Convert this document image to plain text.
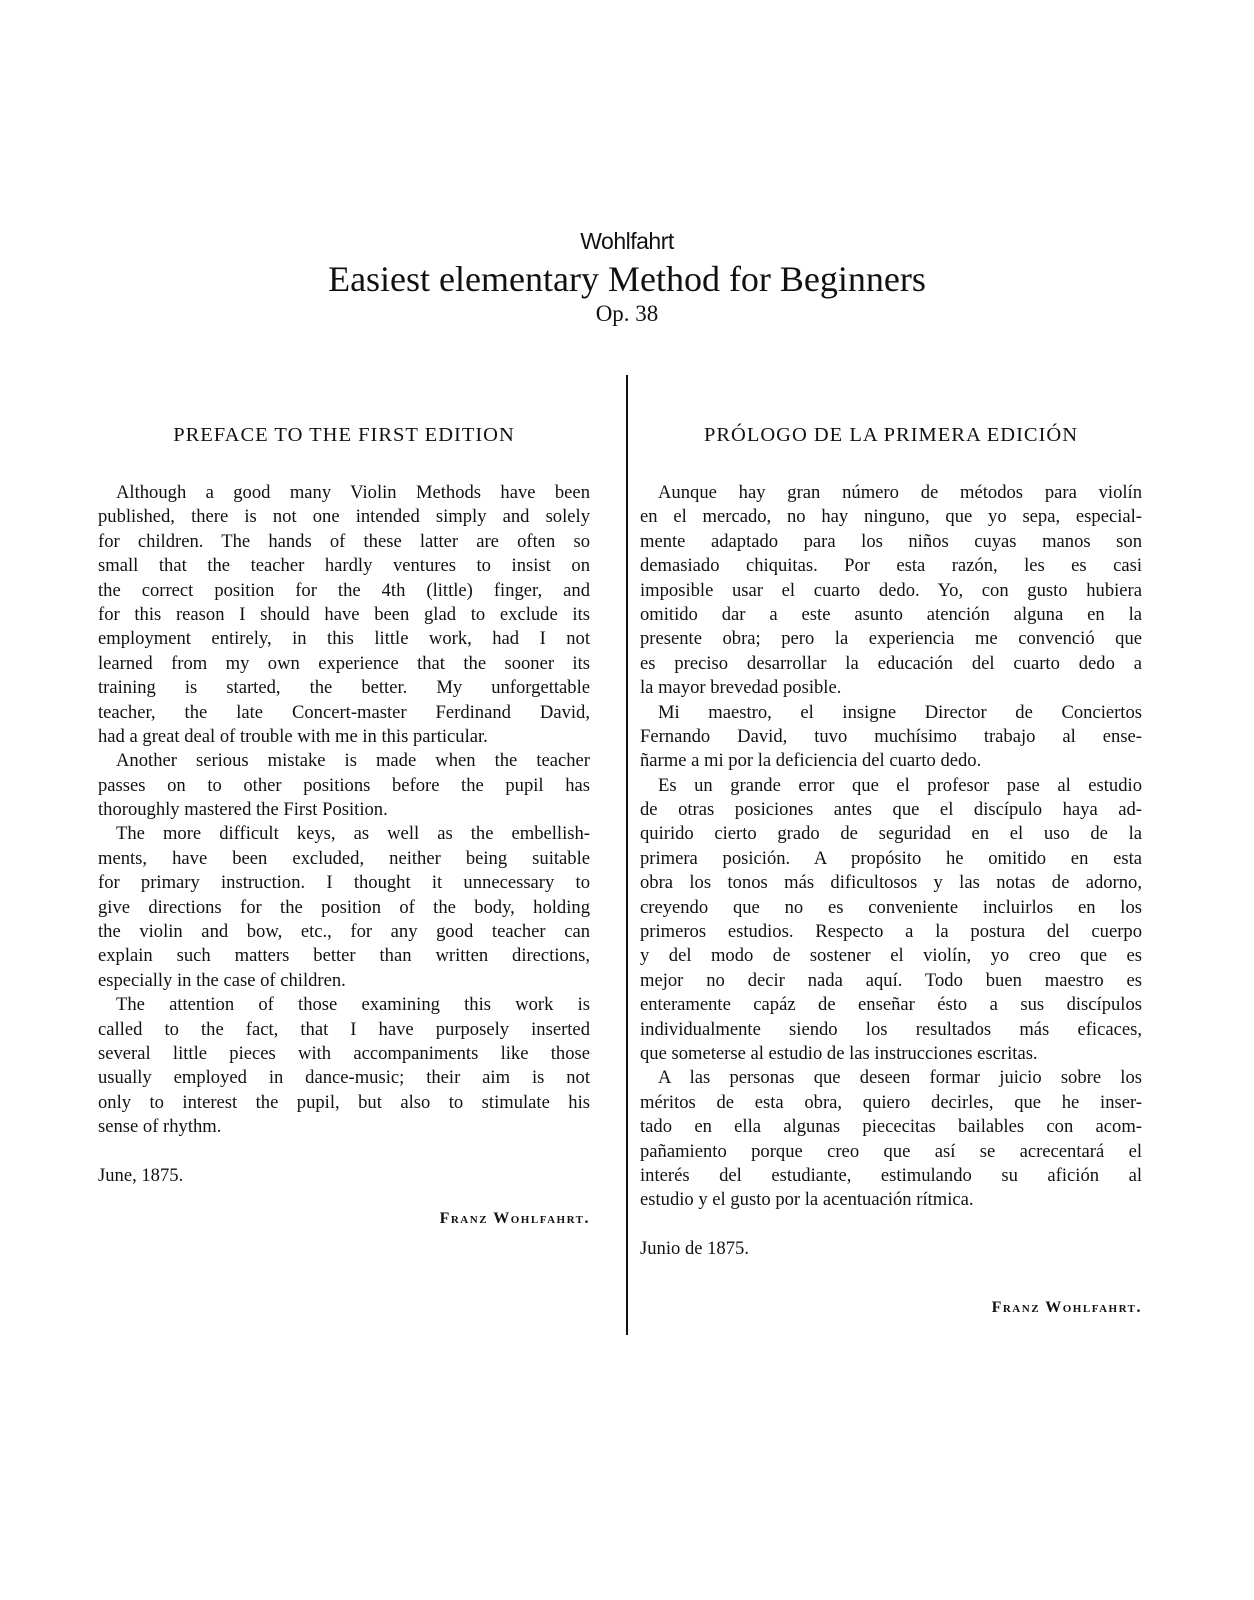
Wohlfahrt
Easiest elementary Method for Beginners
Op. 38
PREFACE TO THE FIRST EDITION
Although a good many Violin Methods have been
published, there is not one intended simply and solely
for children. The hands of these latter are often so
small that the teacher hardly ventures to insist on
the correct position for the 4th (little) finger, and
for this reason I should have been glad to exclude its
employment entirely, in this little work, had I not
learned from my own experience that the sooner its
training is started, the better. My unforgettable
teacher, the late Concert-master Ferdinand David,
had a great deal of trouble with me in this particular.
Another serious mistake is made when the teacher
passes on to other positions before the pupil has
thoroughly mastered the First Position.
The more difficult keys, as well as the embellish-
ments, have been excluded, neither being suitable
for primary instruction. I thought it unnecessary to
give directions for the position of the body, holding
the violin and bow, etc., for any good teacher can
explain such matters better than written directions,
especially in the case of children.
The attention of those examining this work is
called to the fact, that I have purposely inserted
several little pieces with accompaniments like those
usually employed in dance-music; their aim is not
only to interest the pupil, but also to stimulate his
sense of rhythm.
June, 1875.
Franz Wohlfahrt.
PRÓLOGO DE LA PRIMERA EDICIÓN
Aunque hay gran número de métodos para violín
en el mercado, no hay ninguno, que yo sepa, especial-
mente adaptado para los niños cuyas manos son
demasiado chiquitas. Por esta razón, les es casi
imposible usar el cuarto dedo. Yo, con gusto hubiera
omitido dar a este asunto atención alguna en la
presente obra; pero la experiencia me convenció que
es preciso desarrollar la educación del cuarto dedo a
la mayor brevedad posible.
Mi maestro, el insigne Director de Conciertos
Fernando David, tuvo muchísimo trabajo al ense-
ñarme a mi por la deficiencia del cuarto dedo.
Es un grande error que el profesor pase al estudio
de otras posiciones antes que el discípulo haya ad-
quirido cierto grado de seguridad en el uso de la
primera posición. A propósito he omitido en esta
obra los tonos más dificultosos y las notas de adorno,
creyendo que no es conveniente incluirlos en los
primeros estudios. Respecto a la postura del cuerpo
y del modo de sostener el violín, yo creo que es
mejor no decir nada aquí. Todo buen maestro es
enteramente capáz de enseñar ésto a sus discípulos
individualmente siendo los resultados más eficaces,
que someterse al estudio de las instrucciones escritas.
A las personas que deseen formar juicio sobre los
méritos de esta obra, quiero decirles, que he inser-
tado en ella algunas piececitas bailables con acom-
pañamiento porque creo que así se acrecentará el
interés del estudiante, estimulando su afición al
estudio y el gusto por la acentuación rítmica.
Junio de 1875.
Franz Wohlfahrt.
